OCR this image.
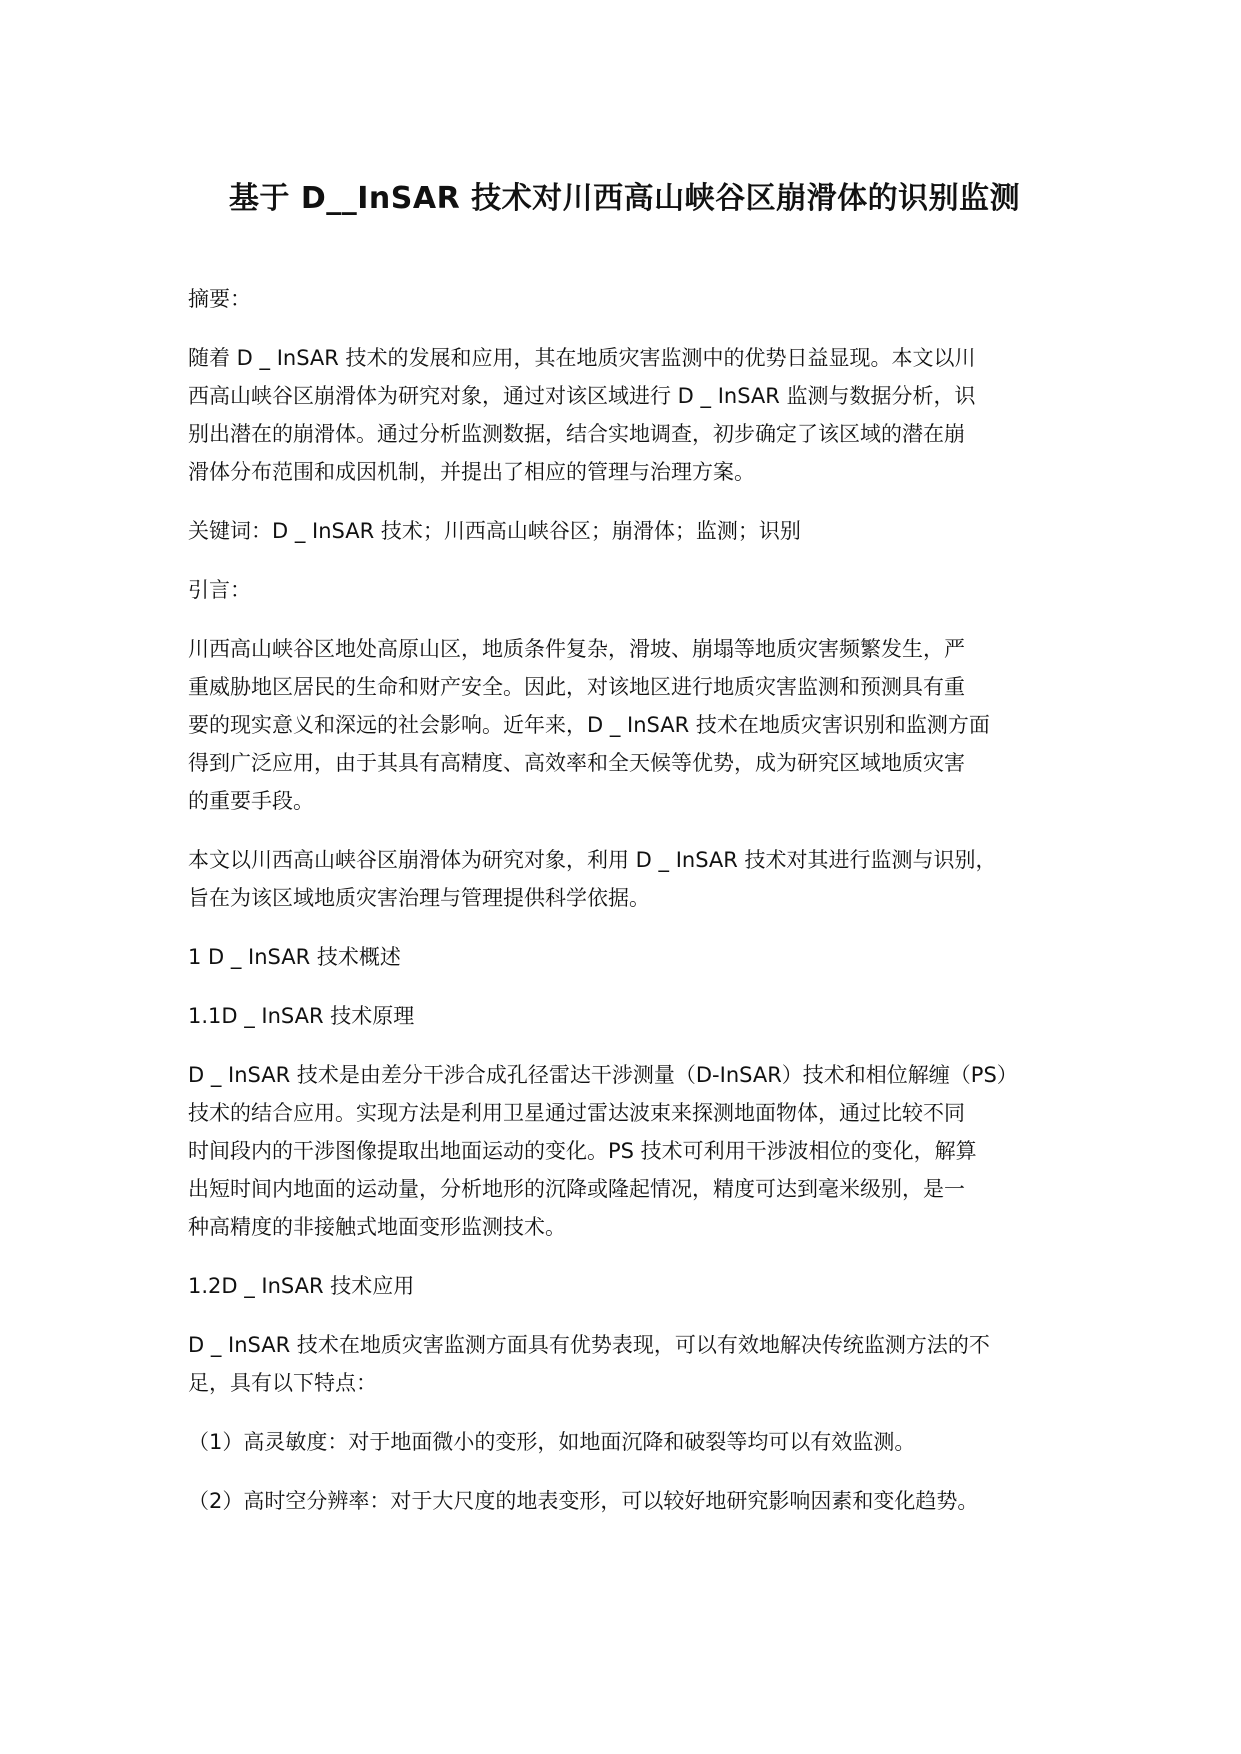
基于 D__InSAR 技术对川西高山峡谷区崩滑体的识别监测

摘要：

随着 D _ InSAR 技术的发展和应用，其在地质灾害监测中的优势日益显现。本文以川
西高山峡谷区崩滑体为研究对象，通过对该区域进行 D _ InSAR 监测与数据分析，识
别出潜在的崩滑体。通过分析监测数据，结合实地调查，初步确定了该区域的潜在崩
滑体分布范围和成因机制，并提出了相应的管理与治理方案。

关键词：D _ InSAR 技术；川西高山峡谷区；崩滑体；监测；识别

引言：

川西高山峡谷区地处高原山区，地质条件复杂，滑坡、崩塌等地质灾害频繁发生，严
重威胁地区居民的生命和财产安全。因此，对该地区进行地质灾害监测和预测具有重
要的现实意义和深远的社会影响。近年来，D _ InSAR 技术在地质灾害识别和监测方面
得到广泛应用，由于其具有高精度、高效率和全天候等优势，成为研究区域地质灾害
的重要手段。

本文以川西高山峡谷区崩滑体为研究对象，利用 D _ InSAR 技术对其进行监测与识别，
旨在为该区域地质灾害治理与管理提供科学依据。

1 D _ InSAR 技术概述

1.1D _ InSAR 技术原理

D _ InSAR 技术是由差分干涉合成孔径雷达干涉测量（D-InSAR）技术和相位解缠（PS）
技术的结合应用。实现方法是利用卫星通过雷达波束来探测地面物体，通过比较不同
时间段内的干涉图像提取出地面运动的变化。PS 技术可利用干涉波相位的变化，解算
出短时间内地面的运动量，分析地形的沉降或隆起情况，精度可达到毫米级别，是一
种高精度的非接触式地面变形监测技术。

1.2D _ InSAR 技术应用

D _ InSAR 技术在地质灾害监测方面具有优势表现，可以有效地解决传统监测方法的不
足，具有以下特点：

（1）高灵敏度：对于地面微小的变形，如地面沉降和破裂等均可以有效监测。

（2）高时空分辨率：对于大尺度的地表变形，可以较好地研究影响因素和变化趋势。
